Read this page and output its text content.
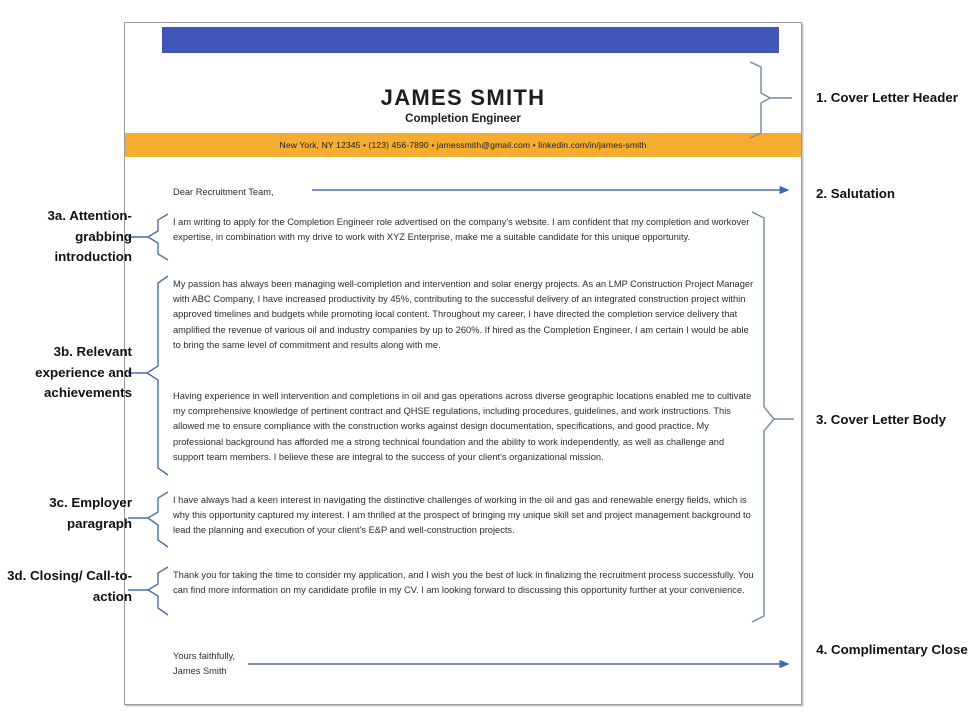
JAMES SMITH
Completion Engineer
New York, NY 12345 • (123) 456-7890 • jamessmith@gmail.com • linkedin.com/in/james-smith
Dear Recruitment Team,
I am writing to apply for the Completion Engineer role advertised on the company's website. I am confident that my completion and workover expertise, in combination with my drive to work with XYZ Enterprise, make me a suitable candidate for this unique opportunity.
My passion has always been managing well-completion and intervention and solar energy projects. As an LMP Construction Project Manager with ABC Company, I have increased productivity by 45%, contributing to the successful delivery of an integrated construction project within approved timelines and budgets while promoting local content. Throughout my career, I have directed the completion service delivery that amplified the revenue of various oil and industry companies by up to 260%. If hired as the Completion Engineer, I am certain I would be able to bring the same level of commitment and results along with me.
Having experience in well intervention and completions in oil and gas operations across diverse geographic locations enabled me to cultivate my comprehensive knowledge of pertinent contract and QHSE regulations, including procedures, guidelines, and work instructions. This allowed me to ensure compliance with the construction works against design documentation, specifications, and good practice. My professional background has afforded me a strong technical foundation and the ability to work independently, as well as challenge and support team members. I believe these are integral to the success of your client's organizational mission.
I have always had a keen interest in navigating the distinctive challenges of working in the oil and gas and renewable energy fields, which is why this opportunity captured my interest. I am thrilled at the prospect of bringing my unique skill set and project management background to lead the planning and execution of your client's E&P and well-construction projects.
Thank you for taking the time to consider my application, and I wish you the best of luck in finalizing the recruitment process successfully. You can find more information on my candidate profile in my CV. I am looking forward to discussing this opportunity further at your convenience.
Yours faithfully,
James Smith
1. Cover Letter Header
2. Salutation
3. Cover Letter Body
4. Complimentary Close
3a. Attention-grabbing introduction
3b. Relevant experience and achievements
3c. Employer paragraph
3d. Closing/ Call-to-action
